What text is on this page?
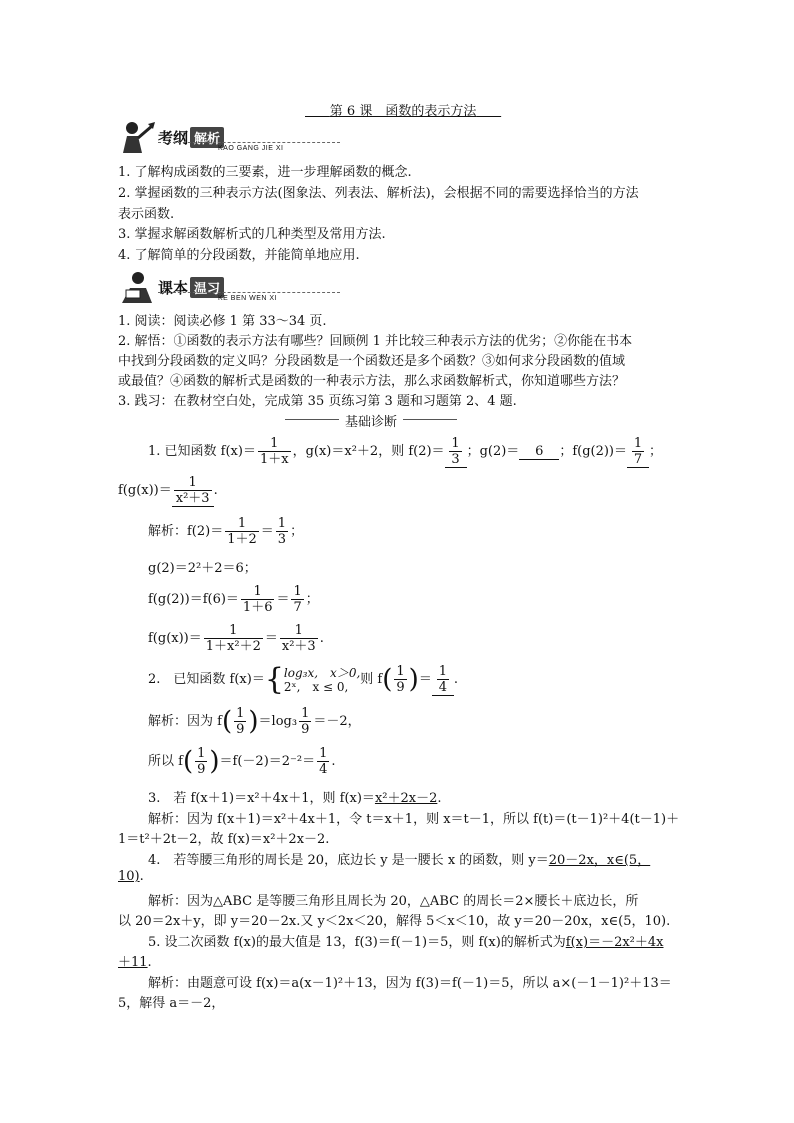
第 6 课　函数的表示方法
考纲 解析
KAO GANG JIE XI
1. 了解构成函数的三要素，进一步理解函数的概念.
2. 掌握函数的三种表示方法(图象法、列表法、解析法)，会根据不同的需要选择恰当的方法
表示函数.
3. 掌握求解函数解析式的几种类型及常用方法.
4. 了解简单的分段函数，并能简单地应用.
课本 温习
KE BEN WEN XI
1. 阅读：阅读必修 1 第 33～34 页.
2. 解悟：①函数的表示方法有哪些？回顾例 1 并比较三种表示方法的优劣；②你能在书本
中找到分段函数的定义吗？分段函数是一个函数还是多个函数？③如何求分段函数的值域
或最值？④函数的解析式是函数的一种表示方法，那么求函数解析式，你知道哪些方法？
3. 践习：在教材空白处，完成第 35 页练习第 3 题和习题第 2、4 题.
基础诊断
1. 已知函数 $f(x)= \frac{1}{1+x}$ ，g(x)＝x²＋2，则 $f(2)= \frac{1}{3}$ ；g(2)＝ 6 ；$f(g(2))= \frac{1}{7}$ ；
$f(g(x))= \frac{1}{\text{x²＋3}}$ .
解析：$f(2)= \frac{1}{1+2} = \frac{1}{3}$ ；
g(2)＝2²＋2＝6；
$f(g(2))=f(6)= \frac{1}{1+6} = \frac{1}{7}$ ；
$f(g(x))= \frac{1}{\text{1＋x²＋2}} = \frac{1}{\text{x²＋3}}$ .
2.　已知函数 f(x)＝{log₃x,　x＞0,
2ˣ,　x ≤ 0, 则 $f( \frac{1}{9}$ )＝ $\frac{1}{4}$ .
解析：因为 $f( \frac{1}{9} )=\log_3 \frac{1}{9} =-2$，
所以 $f( \frac{1}{9} )=f(-2)=2^{-2}= \frac{1}{4}$ .
3.　若 f(x＋1)＝x²＋4x＋1，则 f(x)＝x²＋2x－2.
解析：因为 f(x＋1)＝x²＋4x＋1，令 t＝x＋1，则 x＝t－1，所以 f(t)＝(t－1)²＋4(t－1)＋
1＝t²＋2t－2，故 f(x)＝x²＋2x－2.
4.　若等腰三角形的周长是 20，底边长 y 是一腰长 x 的函数，则 y＝20－2x，x∈(5，
10).
解析：因为△ABC 是等腰三角形且周长为 20，△ABC 的周长＝2×腰长＋底边长，所
以 20＝2x＋y，即 y＝20－2x.又 y＜2x＜20，解得 5＜x＜10，故 y＝20－20x，x∈(5，10).
5. 设二次函数 f(x)的最大值是 13，f(3)＝f(－1)＝5，则 f(x)的解析式为f(x)＝－2x²＋4x
＋11.
解析：由题意可设 f(x)＝a(x－1)²＋13，因为 f(3)＝f(－1)＝5，所以 a×(－1－1)²＋13＝
5，解得 a＝－2，
